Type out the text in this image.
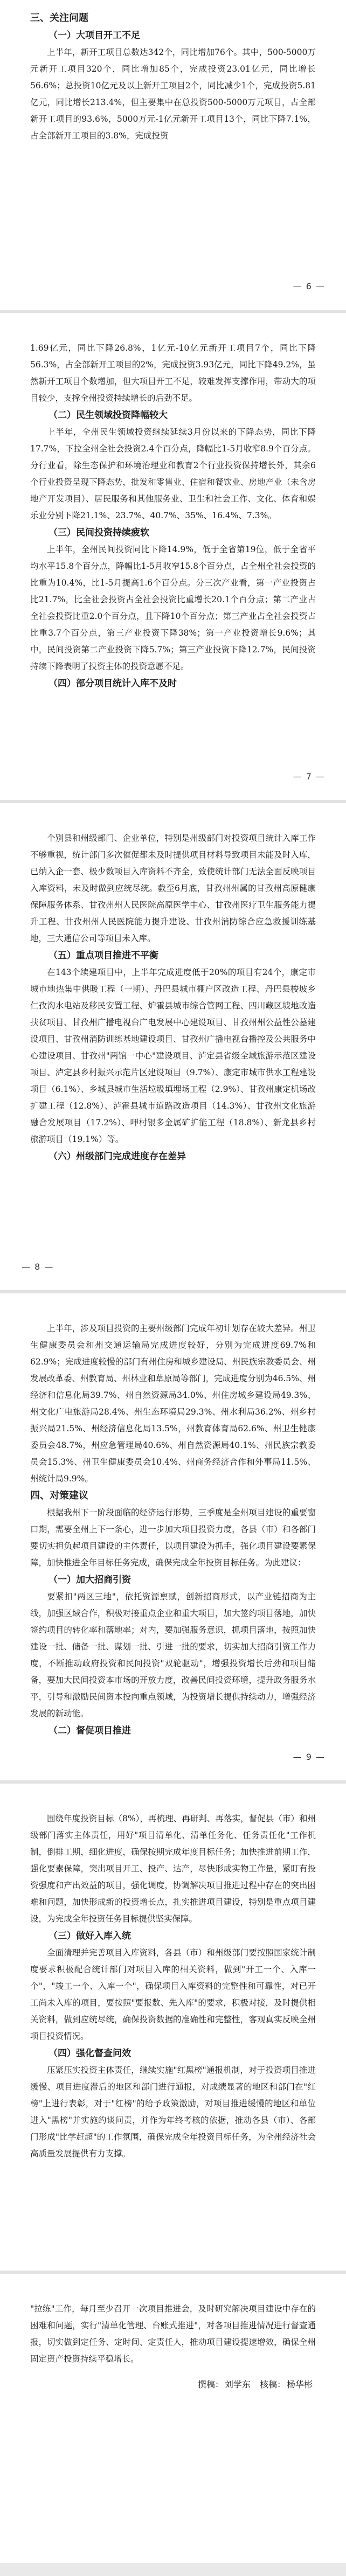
三、关注问题

（一）大项目开工不足

上半年，新开工项目总数达342个，同比增加76个。其中，500-5000万元新开工项目320个，同比增加85个，完成投资23.01亿元，同比增长56.6%；总投资10亿元及以上新开工项目2个，同比减少1个，完成投资5.81亿元，同比增长213.4%，但主要集中在总投资500-5000万元项目，占全部新开工项目的93.6%，5000万元-1亿元新开工项目13个，同比下降7.1%，占全部新开工项目的3.8%，完成投资

— 6 —

1.69亿元，同比下降26.8%，1亿元-10亿元新开工项目7个，同比下降56.3%，占全部新开工项目的2%，完成投资3.93亿元，同比下降49.2%，虽然新开工项目个数增加，但大项目开工不足，较难发挥支撑作用，带动大的项目较少，支撑全州投资持续增长的后劲不足。

（二）民生领域投资降幅较大

上半年，全州民生领域投资继续延续3月份以来的下降态势，同比下降17.7%，下拉全州全社会投资2.4个百分点，降幅比1-5月收窄8.9个百分点。分行业看，除生态保护和环境治理业和教育2个行业投资保持增长外，其余6个行业投资呈现下降态势，批发和零售业、住宿和餐饮业、房地产业（未含房地产开发项目）、居民服务和其他服务业、卫生和社会工作、文化、体育和娱乐业分别下降21.1%、23.7%、40.7%、35%、16.4%、7.3%。

（三）民间投资持续疲软

上半年，全州民间投资同比下降14.9%，低于全省第19位，低于全省平均水平15.8个百分点，降幅比1-5月收窄15.8个百分点，占全州全社会投资的比重为10.4%，比1-5月提高1.6个百分点。分三次产业看，第一产业投资占比21.7%，比全社会投资占全社会投资比重增长20.1个百分点；第二产业占全社会投资比重2.0个百分点，且下降10个百分点；第三产业占全社会投资占比重3.7个百分点，第三产业投资下降38%；第一产业投资增长9.6%；其中，民间投资第二产业投资下降5.7%；第三产业投资下降12.7%，民间投资持续下降表明了投资主体的投资意愿不足。

（四）部分项目统计入库不及时

— 7 —

个别县和州级部门、企业单位，特别是州级部门对投资项目统计入库工作不够重视，统计部门多次催促都未及时提供项目材料导致项目未能及时入库，已纳入企一套、极少数项目入库资料不齐全，致使统计部门无法全面反映项目入库资料，未及时做到应统尽统。截至6月底，甘孜州州属的甘孜州高原健康保障服务体系、甘孜州州人民医院高原医学中心、甘孜州医疗卫生服务能力提升工程、甘孜州州人民医院能力提升建设、甘孜州消防综合应急救援训练基地，三大通信公司等项目未入库。

（五）重点项目推进不平衡

在143个续建项目中，上半年完成进度低于20%的项目有24个，康定市城市地热集中供暖工程（一期）、丹巴县城市棚户区改造工程、丹巴县梭坡乡仁孜沟水电站及移民安置工程、炉霍县城市综合管网工程、四川藏区坡地改造扶贫项目、甘孜州广播电视台广电发展中心建设项目、甘孜州州公益性公墓建设项目、甘孜州消防训练基地建设项目、甘孜州广播电视台播控及公共服务中心建设项目、甘孜州"两馆一中心"建设项目、泸定县省级全域旅游示范区建设项目、泸定县乡村振兴示范片区建设项目（9.7%）、康定市城市供水工程建设项目（6.1%）、乡城县城市生活垃圾填埋场工程（2.9%）、甘孜州康定机场改扩建工程（12.8%）、泸霍县城市道路改造项目（14.3%）、甘孜州文化旅游融合发展项目（17.2%）、呷村银多金属矿扩能工程（18.8%）、新龙县乡村旅游项目（19.1%）等。

（六）州级部门完成进度存在差异

— 8 —

上半年，涉及项目投资的主要州级部门完成年初计划存在较大差异。州卫生健康委员会和州交通运输局完成进度较好，分别为完成进度69.7%和62.9%；完成进度较慢的部门有州住房和城乡建设局、州民族宗教委员会、州发展改革委、州教育局、州林业和草原局等部门，完成进度分别为46.5%、州经济和信息化局39.7%、州自然资源局34.0%、州住房城乡建设局49.3%、州文化广电旅游局28.4%、州生态环境局29.3%、州水利局36.2%、州乡村振兴局21.5%、州经济信息化局13.5%，州教育体育局62.6%、州卫生健康委员会48.7%，州应急管理局40.6%、州自然资源局40.1%、州民族宗教委员会15.3%、州卫生健康委员会10.4%、州商务经济合作和外事局11.5%、州统计局9.9%。

四、对策建议

根据我州下一阶段面临的经济运行形势，三季度是全州项目建设的重要窗口期，需要全州上下一条心，进一步加大项目投资力度，各县（市）和各部门要切实担负起项目建设的主体责任，以项目建设为抓手，强化项目建设要素保障，加快推进全年目标任务完成，确保完成全年投资目标任务。为此建议：

（一）加大招商引资

要紧扣"两区三地"，依托资源禀赋，创新招商形式，以产业链招商为主线，加强区域合作，积极对接重点企业和重大项目，加大签约项目落地，加快签约项目的转化率和落地率；对内，要加强服务意识，抓项目落地，按照加快建设一批、储备一批、谋划一批、引进一批的要求，切实加大招商引资工作力度，不断推动政府投资和民间投资"双轮驱动"，增强投资增长后劲和项目储备，要加大民间投资本市场的开放力度，改善民间投资环境，提升政务服务水平，引导和激励民间资本投向重点领域，为投资增长提供持续动力，增强经济发展的新动能。

（二）督促项目推进

— 9 —

围绕年度投资目标（8%），再梳理、再研判、再落实，督促县（市）和州级部门落实主体责任，用好"项目清单化、清单任务化、任务责任化"工作机制，倒排工期，细化进度，确保按期完成年度目标任务；加快推进前期工作，强化要素保障，突出项目开工、投产、达产，尽快形成实物工作量，紧盯有投资强度和产出效益的项目，强化调度，协调解决项目推进过程中存在的突出困难和问题，加快形成新的投资增长点，扎实推进项目建设，特别是重点项目建设，为完成全年投资任务目标提供坚实保障。

（三）做好入库入统

全面清理并完善项目入库资料，各县（市）和州级部门要按照国家统计制度要求积极配合统计部门对项目入库的相关资料，做到"开工一个、入库一个"，"竣工一个、入库一个"，确保项目入库资料的完整性和可靠性，对已开工尚未入库的项目，要按照"要报数、先入库"的要求，积极对接，及时提供相关资料，做到应统尽统，确保投资数据的准确性和完整性，客观真实反映全州项目投资情况。

（四）强化督查问效

压紧压实投资主体责任，继续实施"红黑榜"通报机制，对于投资项目推进缓慢、项目进度滞后的地区和部门进行通报，对成绩显著的地区和部门在"红榜"上进行表彰，对于"红榜"的给予政策激励，对项目推进缓慢的地区和单位进入"黑榜"并实施约谈问责，并作为年终考核的依据，推动各县（市）、各部门形成"比学赶超"的工作氛围，确保完成全年投资目标任务，为全州经济社会高质量发展提供有力支撑。

"拉练"工作，每月至少召开一次项目推进会，及时研究解决项目建设中存在的困难和问题，实行"清单化管理、台账式推进"，对各项目推进情况进行督查通报，切实做到定任务、定时间、定责任人，推动项目建设提速增效，确保全州固定资产投资持续平稳增长。

撰稿： 刘学东 核稿： 杨华彬
